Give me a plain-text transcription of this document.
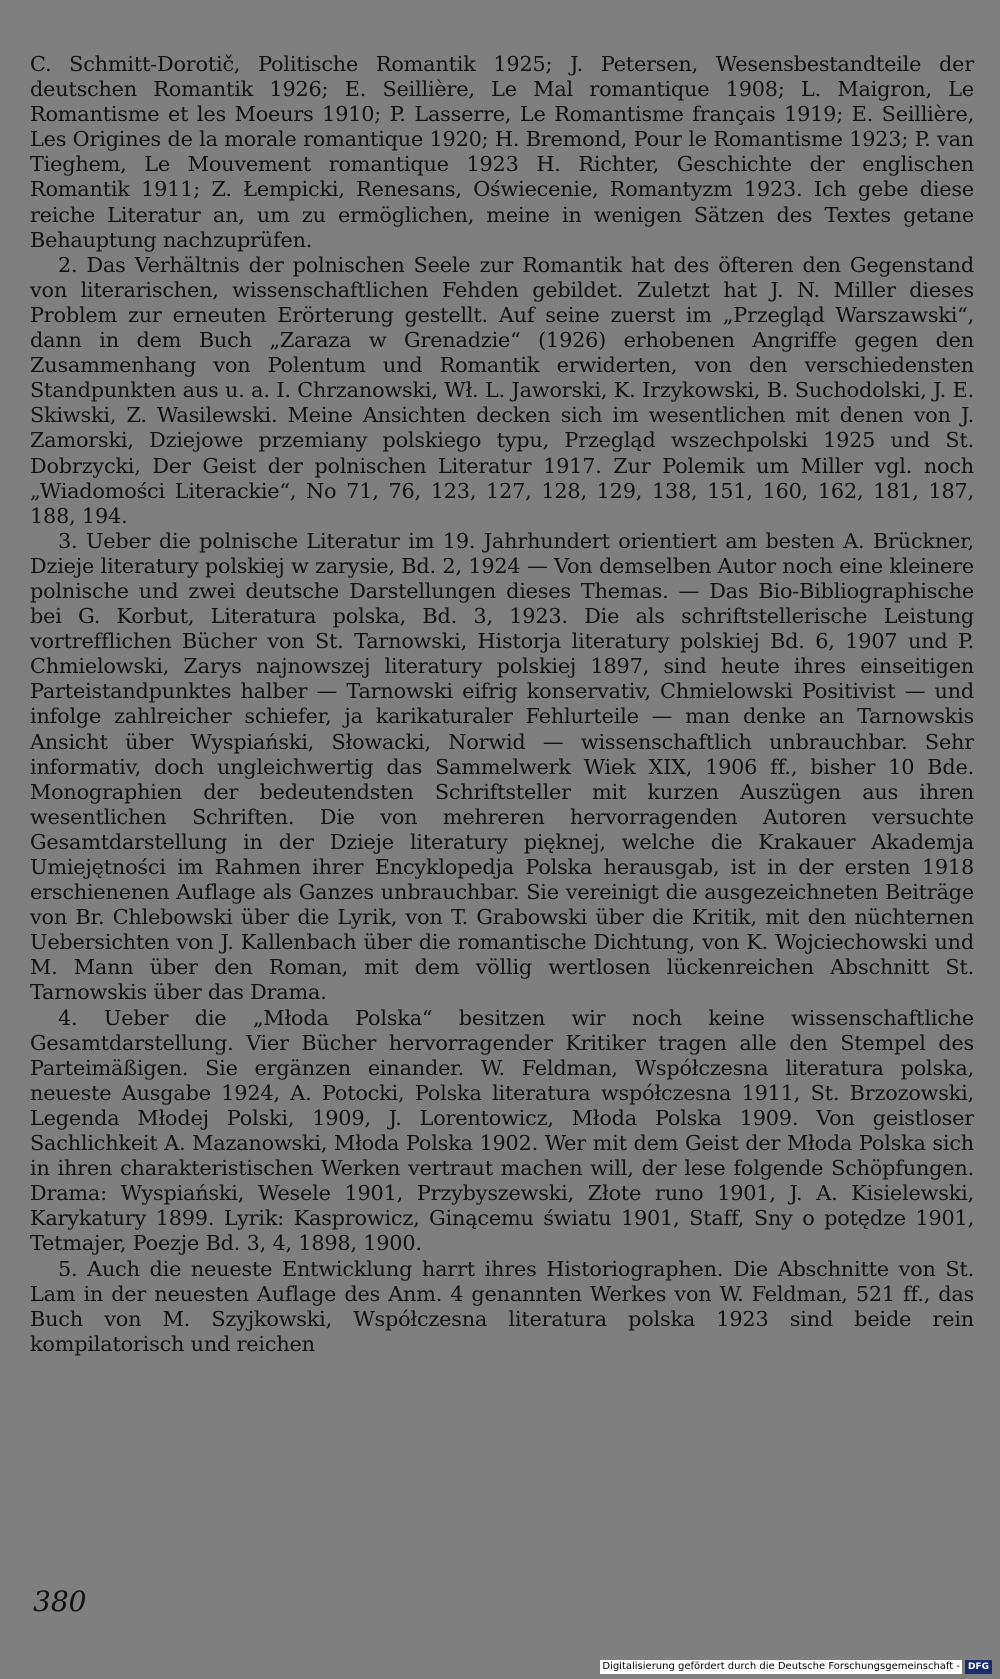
C. Schmitt-Dorotič, Politische Romantik 1925; J. Petersen, Wesensbestandteile der deutschen Romantik 1926; E. Seillière, Le Mal romantique 1908; L. Maigron, Le Romantisme et les Moeurs 1910; P. Lasserre, Le Romantisme français 1919; E. Seillière, Les Origines de la morale romantique 1920; H. Bremond, Pour le Romantisme 1923; P. van Tieghem, Le Mouvement romantique 1923 H. Richter, Geschichte der englischen Romantik 1911; Z. Łempicki, Renesans, Oświecenie, Romantyzm 1923. Ich gebe diese reiche Literatur an, um zu ermöglichen, meine in wenigen Sätzen des Textes getane Behauptung nachzuprüfen.

2. Das Verhältnis der polnischen Seele zur Romantik hat des öfteren den Gegenstand von literarischen, wissenschaftlichen Fehden gebildet. Zuletzt hat J. N. Miller dieses Problem zur erneuten Erörterung gestellt. Auf seine zuerst im „Przegląd Warszawski“, dann in dem Buch „Zaraza w Grenadzie“ (1926) erhobenen Angriffe gegen den Zusammenhang von Polentum und Romantik erwiderten, von den verschiedensten Standpunkten aus u. a. I. Chrzanowski, Wł. L. Jaworski, K. Irzykowski, B. Suchodolski, J. E. Skiwski, Z. Wasilewski. Meine Ansichten decken sich im wesentlichen mit denen von J. Zamorski, Dziejowe przemiany polskiego typu, Przegląd wszechpolski 1925 und St. Dobrzycki, Der Geist der polnischen Literatur 1917. Zur Polemik um Miller vgl. noch „Wiadomości Literackie“, No 71, 76, 123, 127, 128, 129, 138, 151, 160, 162, 181, 187, 188, 194.

3. Ueber die polnische Literatur im 19. Jahrhundert orientiert am besten A. Brückner, Dzieje literatury polskiej w zarysie, Bd. 2, 1924 — Von demselben Autor noch eine kleinere polnische und zwei deutsche Darstellungen dieses Themas. — Das Bio-Bibliographische bei G. Korbut, Literatura polska, Bd. 3, 1923. Die als schriftstellerische Leistung vortrefflichen Bücher von St. Tarnowski, Historja literatury polskiej Bd. 6, 1907 und P. Chmielowski, Zarys najnowszej literatury polskiej 1897, sind heute ihres einseitigen Parteistandpunktes halber — Tarnowski eifrig konservativ, Chmielowski Positivist — und infolge zahlreicher schiefer, ja karikaturaler Fehlurteile — man denke an Tarnowskis Ansicht über Wyspiański, Słowacki, Norwid — wissenschaftlich unbrauchbar. Sehr informativ, doch ungleichwertig das Sammelwerk Wiek XIX, 1906 ff., bisher 10 Bde. Monographien der bedeutendsten Schriftsteller mit kurzen Auszügen aus ihren wesentlichen Schriften. Die von mehreren hervorragenden Autoren versuchte Gesamtdarstellung in der Dzieje literatury pięknej, welche die Krakauer Akademja Umiejętności im Rahmen ihrer Encyklopedja Polska herausgab, ist in der ersten 1918 erschienenen Auflage als Ganzes unbrauchbar. Sie vereinigt die ausgezeichneten Beiträge von Br. Chlebowski über die Lyrik, von T. Grabowski über die Kritik, mit den nüchternen Uebersichten von J. Kallenbach über die romantische Dichtung, von K. Wojciechowski und M. Mann über den Roman, mit dem völlig wertlosen lückenreichen Abschnitt St. Tarnowskis über das Drama.

4. Ueber die „Młoda Polska“ besitzen wir noch keine wissenschaftliche Gesamtdarstellung. Vier Bücher hervorragender Kritiker tragen alle den Stempel des Parteimäßigen. Sie ergänzen einander. W. Feldman, Współczesna literatura polska, neueste Ausgabe 1924, A. Potocki, Polska literatura współczesna 1911, St. Brzozowski, Legenda Młodej Polski, 1909, J. Lorentowicz, Młoda Polska 1909. Von geistloser Sachlichkeit A. Mazanowski, Młoda Polska 1902. Wer mit dem Geist der Młoda Polska sich in ihren charakteristischen Werken vertraut machen will, der lese folgende Schöpfungen. Drama: Wyspiański, Wesele 1901, Przybyszewski, Złote runo 1901, J. A. Kisielewski, Karykatury 1899. Lyrik: Kasprowicz, Ginącemu światu 1901, Staff, Sny o potędze 1901, Tetmajer, Poezje Bd. 3, 4, 1898, 1900.

5. Auch die neueste Entwicklung harrt ihres Historiographen. Die Abschnitte von St. Lam in der neuesten Auflage des Anm. 4 genannten Werkes von W. Feldman, 521 ff., das Buch von M. Szyjkowski, Współczesna literatura polska 1923 sind beide rein kompilatorisch und reichen

380
Digitalisierung gefördert durch die Deutsche Forschungsgemeinschaft - DFG
